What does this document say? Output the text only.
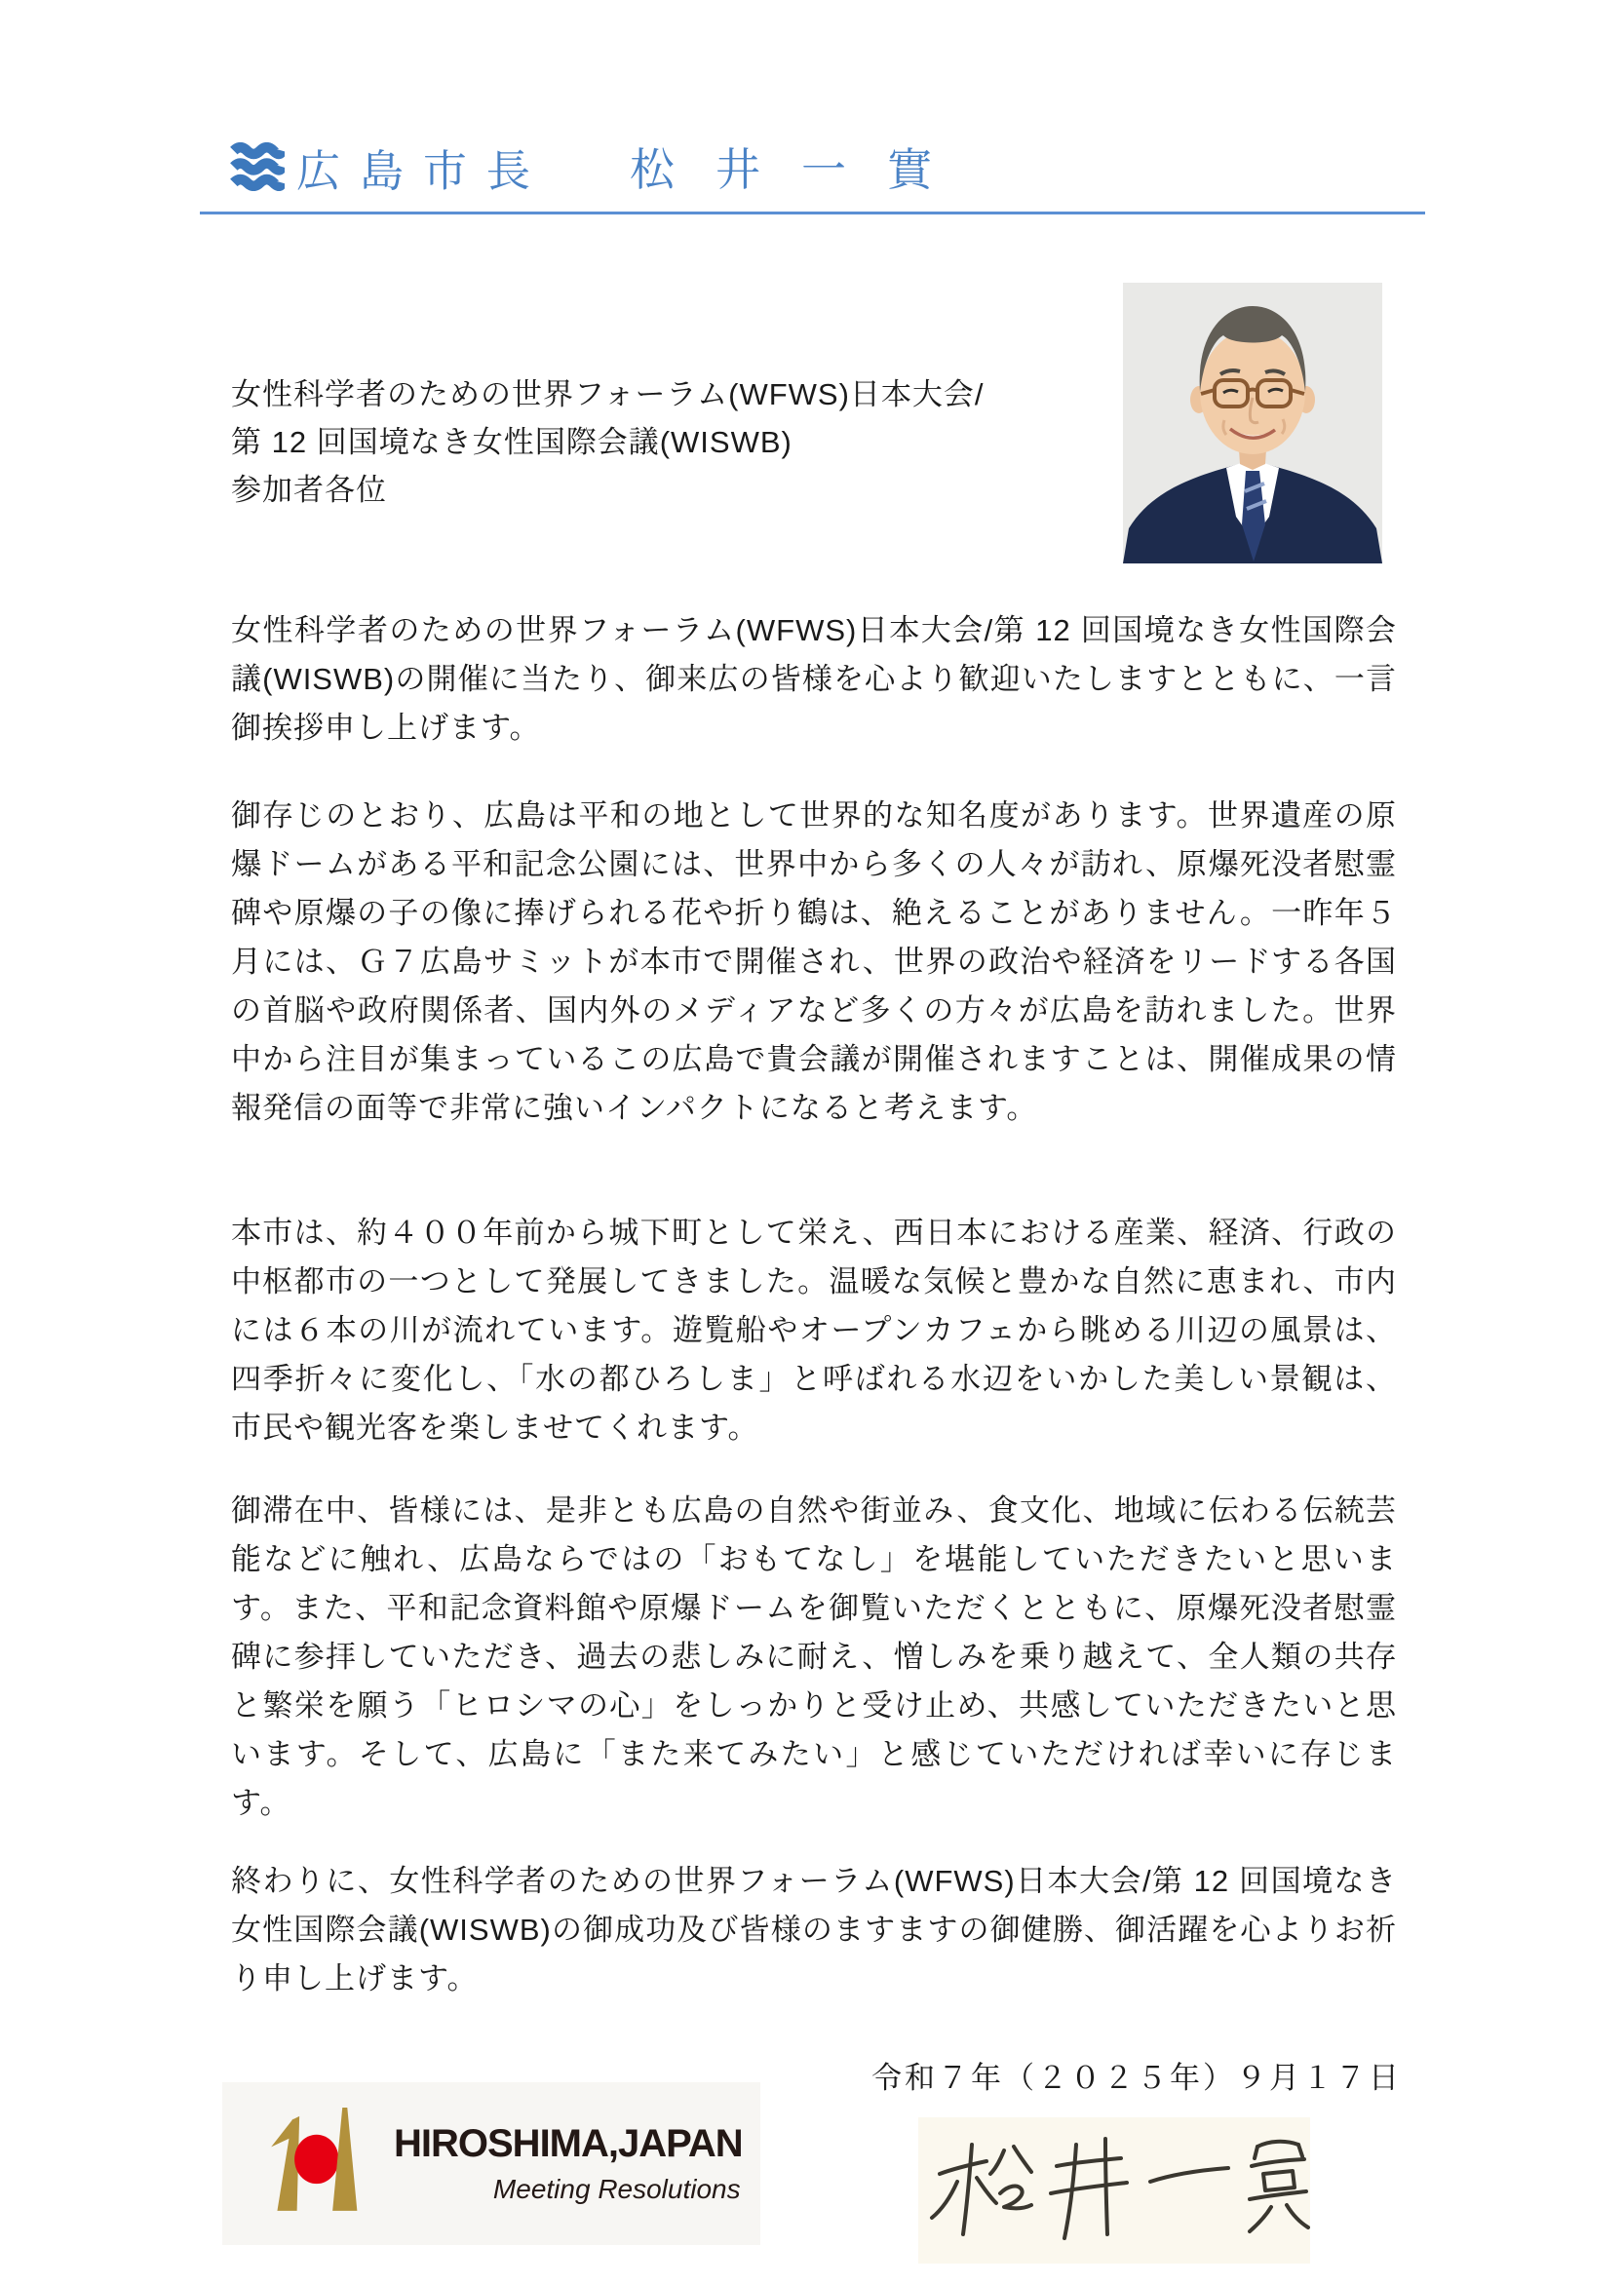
広島市長 松井一實
女性科学者のための世界フォーラム(WFWS)日本大会/
第 12 回国境なき女性国際会議(WISWB)
参加者各位

女性科学者のための世界フォーラム(WFWS)日本大会/第 12 回国境なき女性国際会議(WISWB)の開催に当たり、御来広の皆様を心より歓迎いたしますとともに、一言御挨拶申し上げます。

御存じのとおり、広島は平和の地として世界的な知名度があります。世界遺産の原爆ドームがある平和記念公園には、世界中から多くの人々が訪れ、原爆死没者慰霊碑や原爆の子の像に捧げられる花や折り鶴は、絶えることがありません。一昨年５月には、Ｇ７広島サミットが本市で開催され、世界の政治や経済をリードする各国の首脳や政府関係者、国内外のメディアなど多くの方々が広島を訪れました。世界中から注目が集まっているこの広島で貴会議が開催されますことは、開催成果の情報発信の面等で非常に強いインパクトになると考えます。

本市は、約４００年前から城下町として栄え、西日本における産業、経済、行政の中枢都市の一つとして発展してきました。温暖な気候と豊かな自然に恵まれ、市内には６本の川が流れています。遊覧船やオープンカフェから眺める川辺の風景は、四季折々に変化し、「水の都ひろしま」と呼ばれる水辺をいかした美しい景観は、市民や観光客を楽しませてくれます。

御滞在中、皆様には、是非とも広島の自然や街並み、食文化、地域に伝わる伝統芸能などに触れ、広島ならではの「おもてなし」を堪能していただきたいと思います。また、平和記念資料館や原爆ドームを御覧いただくとともに、原爆死没者慰霊碑に参拝していただき、過去の悲しみに耐え、憎しみを乗り越えて、全人類の共存と繁栄を願う「ヒロシマの心」をしっかりと受け止め、共感していただきたいと思います。そして、広島に「また来てみたい」と感じていただければ幸いに存じます。

終わりに、女性科学者のための世界フォーラム(WFWS)日本大会/第 12 回国境なき女性国際会議(WISWB)の御成功及び皆様のますますの御健勝、御活躍を心よりお祈り申し上げます。

令和７年（２０２５年）９月１７日
HIROSHIMA,JAPAN
Meeting Resolutions
